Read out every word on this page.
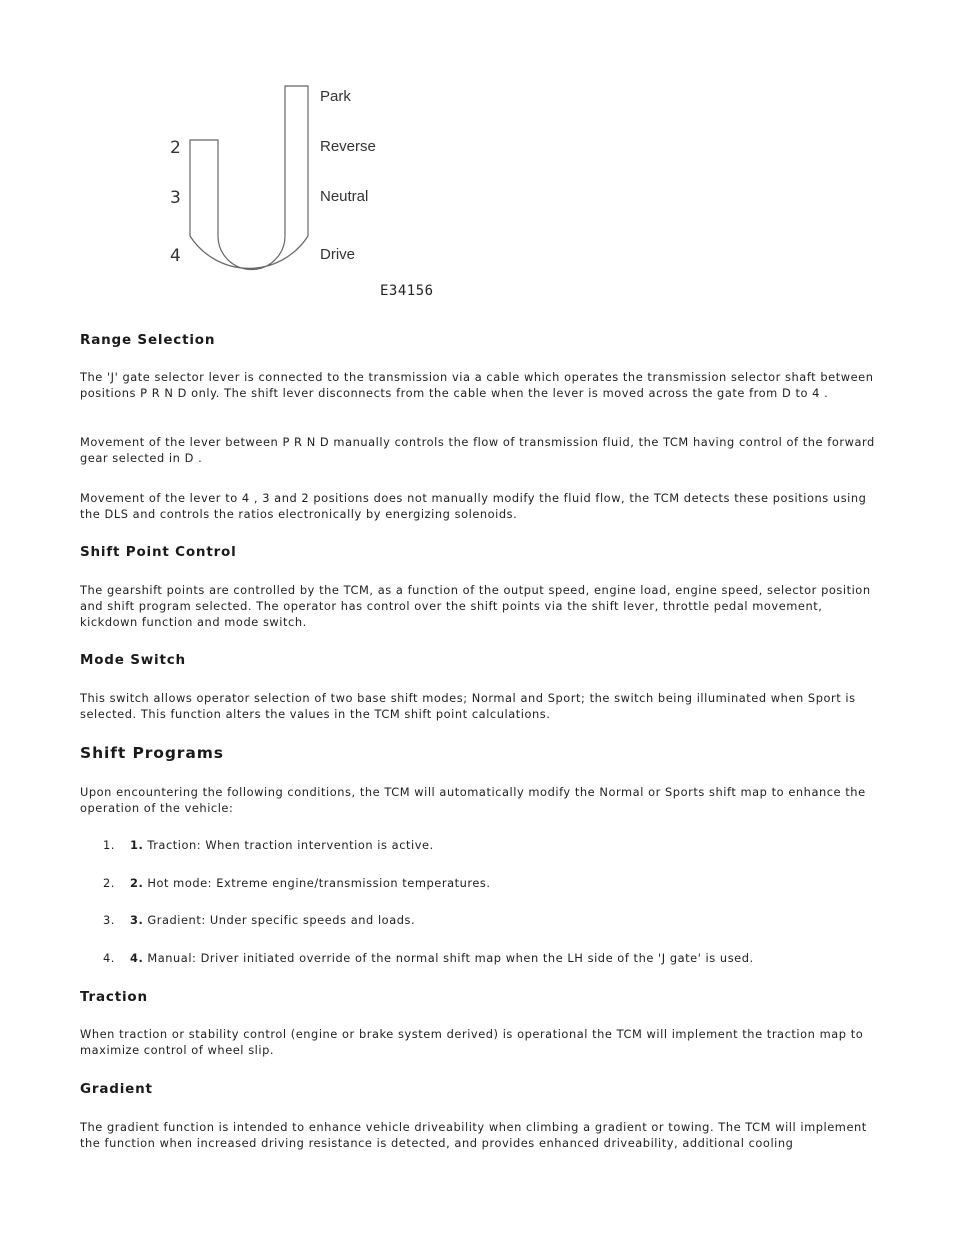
2
3
4
Park
Reverse
Neutral
Drive
E34156
Range Selection

The 'J' gate selector lever is connected to the transmission via a cable which operates the transmission selector shaft between positions P R N D only. The shift lever disconnects from the cable when the lever is moved across the gate from D to 4 .

Movement of the lever between P R N D manually controls the flow of transmission fluid, the TCM having control of the forward gear selected in D .

Movement of the lever to 4 , 3 and 2 positions does not manually modify the fluid flow, the TCM detects these positions using the DLS and controls the ratios electronically by energizing solenoids.

Shift Point Control

The gearshift points are controlled by the TCM, as a function of the output speed, engine load, engine speed, selector position and shift program selected. The operator has control over the shift points via the shift lever, throttle pedal movement, kickdown function and mode switch.

Mode Switch

This switch allows operator selection of two base shift modes; Normal and Sport; the switch being illuminated when Sport is selected. This function alters the values in the TCM shift point calculations.

Shift Programs

Upon encountering the following conditions, the TCM will automatically modify the Normal or Sports shift map to enhance the operation of the vehicle:

1. 1. Traction: When traction intervention is active.
2. 2. Hot mode: Extreme engine/transmission temperatures.
3. 3. Gradient: Under specific speeds and loads.
4. 4. Manual: Driver initiated override of the normal shift map when the LH side of the 'J gate' is used.
Traction

When traction or stability control (engine or brake system derived) is operational the TCM will implement the traction map to maximize control of wheel slip.

Gradient

The gradient function is intended to enhance vehicle driveability when climbing a gradient or towing. The TCM will implement the function when increased driving resistance is detected, and provides enhanced driveability, additional cooling
